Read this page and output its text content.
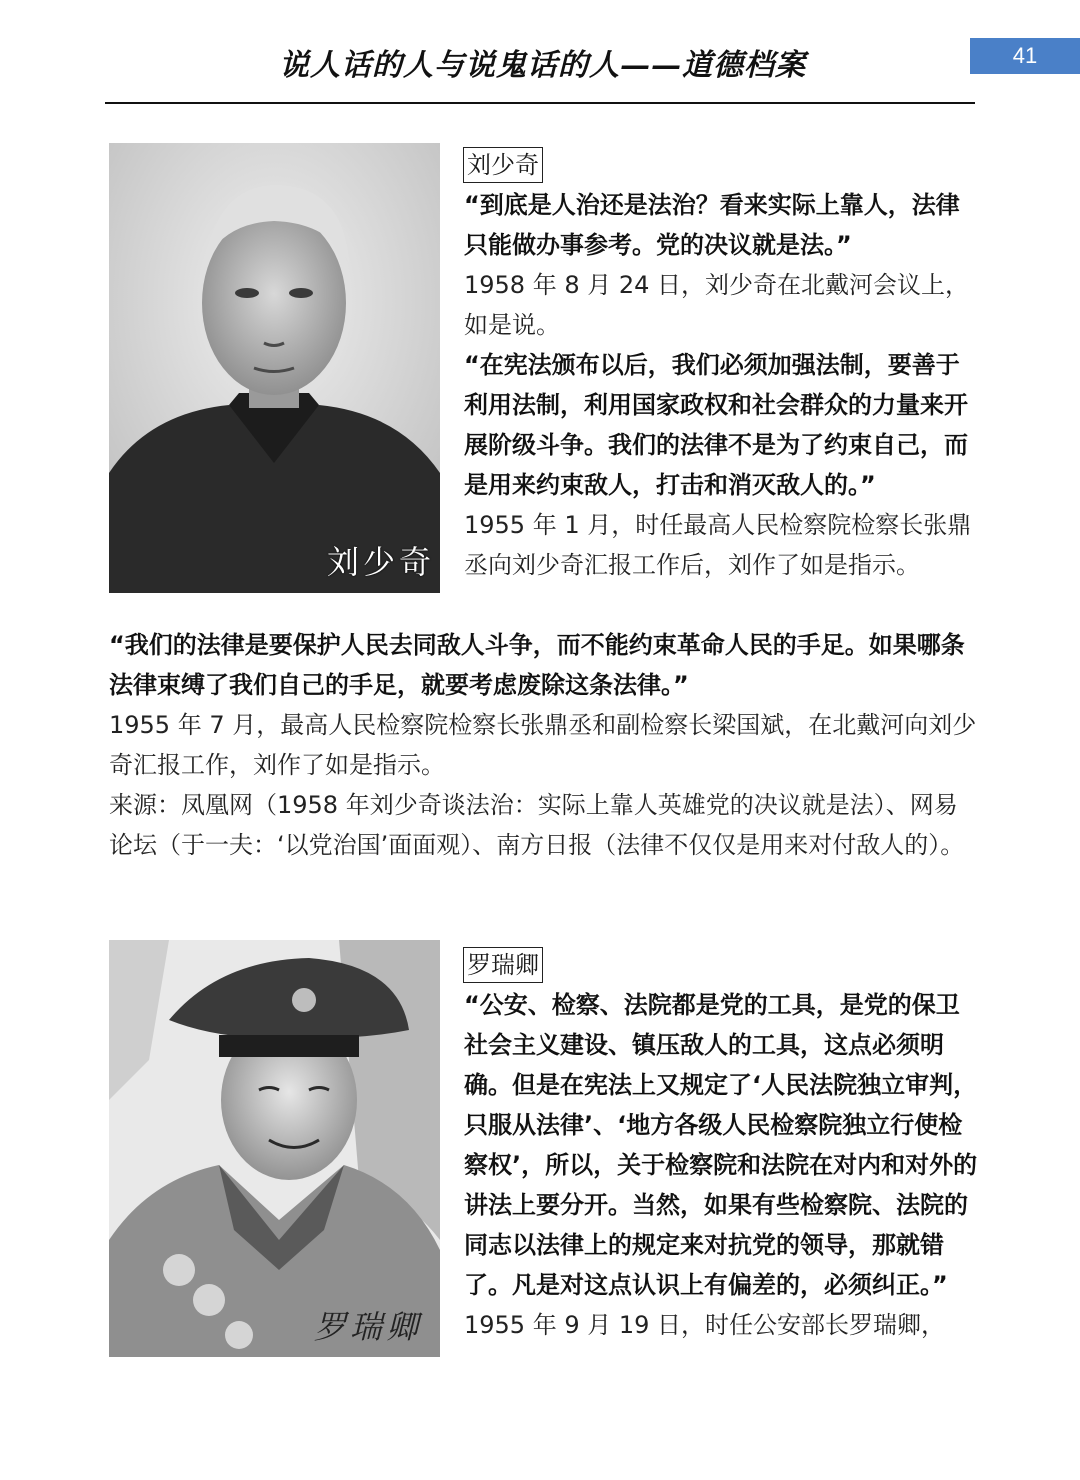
说人话的人与说鬼话的人——道德档案	41
刘少奇
刘少奇

“到底是人治还是法治？看来实际上靠人，法律只能做办事参考。党的决议就是法。”

1958 年 8 月 24 日，刘少奇在北戴河会议上，如是说。

“在宪法颁布以后，我们必须加强法制，要善于利用法制，利用国家政权和社会群众的力量来开展阶级斗争。我们的法律不是为了约束自己，而是用来约束敌人，打击和消灭敌人的。”

1955 年 1 月，时任最高人民检察院检察长张鼎丞向刘少奇汇报工作后，刘作了如是指示。

“我们的法律是要保护人民去同敌人斗争，而不能约束革命人民的手足。如果哪条法律束缚了我们自己的手足，就要考虑废除这条法律。”

1955 年 7 月，最高人民检察院检察长张鼎丞和副检察长梁国斌，在北戴河向刘少奇汇报工作，刘作了如是指示。

来源：凤凰网（1958 年刘少奇谈法治：实际上靠人英雄党的决议就是法）、网易论坛（于一夫：‘以党治国’面面观）、南方日报（法律不仅仅是用来对付敌人的）。

罗瑞卿
罗瑞卿

“公安、检察、法院都是党的工具，是党的保卫社会主义建设、镇压敌人的工具，这点必须明确。但是在宪法上又规定了‘人民法院独立审判，只服从法律’、‘地方各级人民检察院独立行使检察权’，所以，关于检察院和法院在对内和对外的讲法上要分开。当然，如果有些检察院、法院的同志以法律上的规定来对抗党的领导，那就错了。凡是对这点认识上有偏差的，必须纠正。”

1955 年 9 月 19 日，时任公安部长罗瑞卿，
